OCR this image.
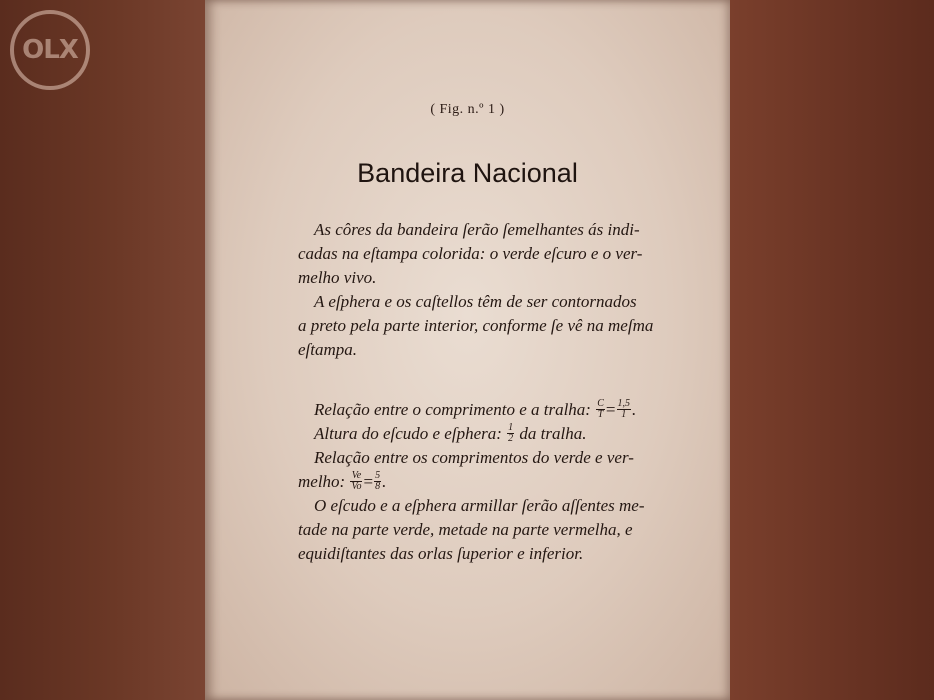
OLX
( Fig. n.º 1 )
Bandeira Nacional
As côres da bandeira ſerão ſemelhantes ás indi-
cadas na eſtampa colorida: o verde eſcuro e o ver-
melho vivo.
A eſphera e os caſtellos têm de ser contornados
a preto pela parte interior, conforme ſe vê na meſma
eſtampa.
Relação entre o comprimento e a tralha: $\frac{C}{T} = \frac{1,5}{1}$ .
Altura do eſcudo e eſphera: $\frac{1}{2}$ da tralha.
Relação entre os comprimentos do verde e ver-
melho: $\frac{Ve}{Vo} = \frac{5}{8}$ .
O eſcudo e a eſphera armillar ſerão aſſentes me-
tade na parte verde, metade na parte vermelha, e
equidiſtantes das orlas ſuperior e inferior.
